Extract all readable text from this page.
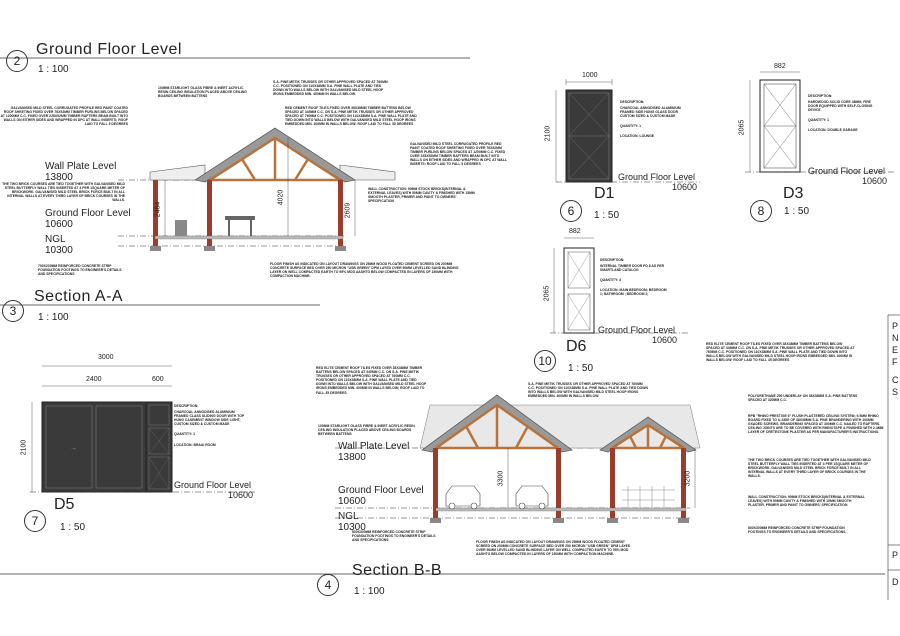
→
2
Ground Floor Level
1 : 100
3
Section A-A
1 : 100
4
Section B-B
1 : 100
Wall Plate Level
13800
Ground Floor Level
10600
NGL
10300
2484
4020
2609
100MM STARLIGHT GLASS FIBRE & INERT ACRYLIC RESIN CEILING INSULATION PLACED ABOVE CEILING BOARDS BETWEEN BATTENS
S.A. PINE METIK TRUSSES OR OTHER APPROVED SPACED AT 760MM C.C. POSITIONED ON 110X38MM S.A. PINE WALL PLATE AND TIED DOWN INTO WALLS BELOW WITH GALVANISED MILD STEEL HOOP IRONS EMBEDDED MIN. 400MM IN WALLS BELOW.
RED CEMENT ROOF TILES FIXED OVER 38X38MM TIMBER BATTENS BELOW SPACED AT 345MM C.C. ON S.A. PINE METIK TRUSSES OR OTHER APPROVED SPACED AT 760MM C.C. POSITIONED ON 110X38MM S.A. PINE WALL PLATE AND TIED DOWN INTO WALLS BELOW WITH GALVANISED MILD STEEL HOOP IRONS EMBEDDED MIN. 400MM IN WALLS BELOW; ROOF LAID TO FALL 35 DEGREES
GALVANISED MILD STEEL CORRUGATED PROFILE RED PAINT COATED ROOF SHEETING FIXED OVER 76X52MM TIMBER PURLINS BELOW SPACED AT 1200MM C.C. FIXED OVER 228X52MM TIMBER RAFTERS BEAM BUILT INTO WALLS ON EITHER SIDES AND WRAPPED IN DPC AT WALL INSERTS; ROOF LAID TO FALL 5 DEGREES
GALVANISED MILD STEEL CORRUGATED PROFILE RED PAINT COATED ROOF SHEETING FIXED OVER 76X52MM TIMBER PURLINS BELOW SPACED AT 1200MM C.C. FIXED OVER 228X52MM TIMBER RAFTERS BEAM BUILT INTO WALLS ON EITHER SIDES AND WRAPPED IN DPC AT WALL INSERTS; ROOF LAID TO FALL 5 DEGREES
THE TWO BRICK COURSES ARE TIED TOGETHER WITH GALVANISED MILD STEEL BUTTERFLY WALL TIES INSERTED AT 4 PER 1SQUARE METER OF BRICKWORK. GALVANISED MILD STEEL BRICK FORCE BUILT IN ALL INTERNAL WALLS AT EVERY THIRD LAYER OF BRICK COURSES IN THE WALLS.
WALL CONSTRUCTION: 90MM STOCK BRICKS(INTERNAL & EXTERNAL LEAVES) WITH 50MM CAVITY & FINISHED WITH 15MM SMOOTH PLASTER, PRIMER AND PAINT TO OWNERS' SPECIFICATION
700X230MM REINFORCED CONCRETE STRIP FOUNDATION FOOTINGS TO ENGINEER'S DETAILS AND SPECIFICATIONS
FLOOR FINISH AS INDICATED ON LAYOUT DRAWINGS ON 25MM WOOD FLOATED CEMENT SCREED ON 200MM CONCRETE SURFACE BED OVER 250 MICRON "USB GREEN" DPM LAYED OVER 50MM LEVELLED SAND BLINDING LAYER ON WELL COMPACTED EARTH TO 95% MOD AASHTO BELOW COMPACTED IN LAYERS OF 150MM WITH COMPACTION MACHINE.
1000
2100
DESCRIPTION:
CHARCOAL ANNODISED ALUMINIUM FRAMED SIDE HUNG GLASS DOOR CUSTOM SIZED & CUSTOM MADE
QUANTITY: 1
LOCATION: LOUNGE
Ground Floor Level
10600
D1
6	1 : 50
882
2065
DESCRIPTION:
HARDWOOD SOLID CORE 38MM; FIRE DOOR EQUIPPED WITH SELF-CLOSING DEVICE
QUANTITY: 1
LOCATION: DOUBLE GARAGE
Ground Floor Level
10600
D3
8	1 : 50
882
2065
DESCRIPTION:
INTERNAL TIMBER DOOR PD 8 AS PER SMARTLAND CATALOG
QUANTITY: 4
LOCATION: MAIN BEDROOM; BEDROOM 1; BATHROOM ; BEDROOM 2;
Ground Floor Level
10600
D6
10
1 : 50
3000
2400	600
2100
DESCRIPTION:
CHARCOAL ANNODISED ALUMINIUM FRAMED CLASS SLIDING DOOR WITH TOP HUNG CASEMENT WINDOW SIDE LIGHT; CUSTOM SIZED & CUSTOM MADE
QUANTITY: 1
LOCATION: BRAAI ROOM
Ground Floor Level
10600
D5
7	1 : 50
Wall Plate Level
13800
Ground Floor Level
10600
NGL
10300
3300	3200
RED ELITE CEMENT ROOF TILES FIXED OVER 38X38MM TIMBER BATTENS BELOW SPACED AT 345MM C.C. ON S.A. PINE METIK TRUSSES OR OTHER APPROVED SPACED AT 760MM C.C. POSITIONED ON 110X38MM S.A. PINE WALL PLATE AND TIED DOWN INTO WALLS BELOW WITH GALVANISED MILD STEEL HOOP IRONS EMBEDDED MIN. 400MM IN WALLS BELOW; ROOF LAID TO FALL 35 DEGREES
S.A. PINE METIK TRUSSES OR OTHER APPROVED SPACED AT 760MM C.C. POSITIONED ON 110X38MM S.A. PINE WALL PLATE AND TIED DOWN INTO WALLS BELOW WITH GALVANISED MILD STEEL HOOP IRONS EMBEDDED MIN. 400MM IN WALLS BELOW.
RED ELITE CEMENT ROOF TILES FIXED OVER 38X38MM TIMBER BATTENS BELOW SPACED AT 345MM C.C. ON S.A. PINE METIK TRUSSES OR OTHER APPROVED SPACED AT 760MM C.C. POSITIONED ON 110X38MM S.A. PINE WALL PLATE AND TIED DOWN INTO WALLS BELOW WITH GALVANISED MILD STEEL HOOP IRONS EMBEDDED MIN. 400MM IN WALLS BELOW; ROOF LAID TO FALL 35 DEGREES
POLYURETHANE 250 UNDERLAY ON 38X38MM S.A. PINE BATTENS SPACED AT 320MM C.C.
100MM STARLIGHT GLASS FIBRE & INERT ACRYLIC RESIN CEILING INSULATION PLACED ABOVE CEILING BOARDS BETWEEN BATTENS
RPB "RHINO PRESTIGE 6" FLUSH PLASTERED CEILING SYSTEM; 9.5MM RHINO BOARD FIXED TO U-SIDE OF 38X38MM S.A. PINE BRANDERING WITH 100MM GXADED SCREWS. BRANDERING SPACED AT 400MM C.C. NAILED TO RAFTERS. CEILING JOINTS ARE TO BE COVERED WITH RHINOTAPE & FINISHED WITH 2-4MM LAYER OF CRETESTONE PLASTER AS PER MANUFACTURER'S INSTRUCTIONS.
THE TWO BRICK COURSES ARE TIED TOGETHER WITH GALVANISED MILD STEEL BUTTERFLY WALL TIES INSERTED AT 4 PER 1SQUARE METER OF BRICKWORK. GALVANISED MILD STEEL BRICK FORCE BUILT IN ALL INTERNAL WALLS AT EVERY THIRD LAYER OF BRICK COURSES IN THE WALLS.
WALL CONSTRUCTION: 90MM STOCK BRICKS(INTERNAL & EXTERNAL LEAVES) WITH 50MM CAVITY & FINISHED WITH 15MM SMOOTH PLASTER, PRIMER AND PAINT TO OWNERS' SPECIFICATION
800X300MM REINFORCED CONCRETE STRIP FOUNDATION FOOTINGS TO ENGINEER'S DETAILS AND SPECIFICATIONS
800X300MM REINFORCED CONCRETE STRIP FOUNDATION FOOTINGS TO ENGINEER'S DETAILS AND SPECIFICATIONS	FLOOR FINISH AS INDICATED ON LAYOUT DRAWINGS ON 25MM WOOD FLOATED CEMENT SCREED ON 200MM CONCRETE SURFACE BED OVER 250 MICRON "USB GREEN" DPM LAYED OVER 50MM LEVELLED SAND BLINDING LAYER ON WELL COMPACTED EARTH TO 95% MOD AASHTO BELOW COMPACTED IN LAYERS OF 150MM WITH COMPACTION MACHINE.
P
N
E
F
C
S
P
D
